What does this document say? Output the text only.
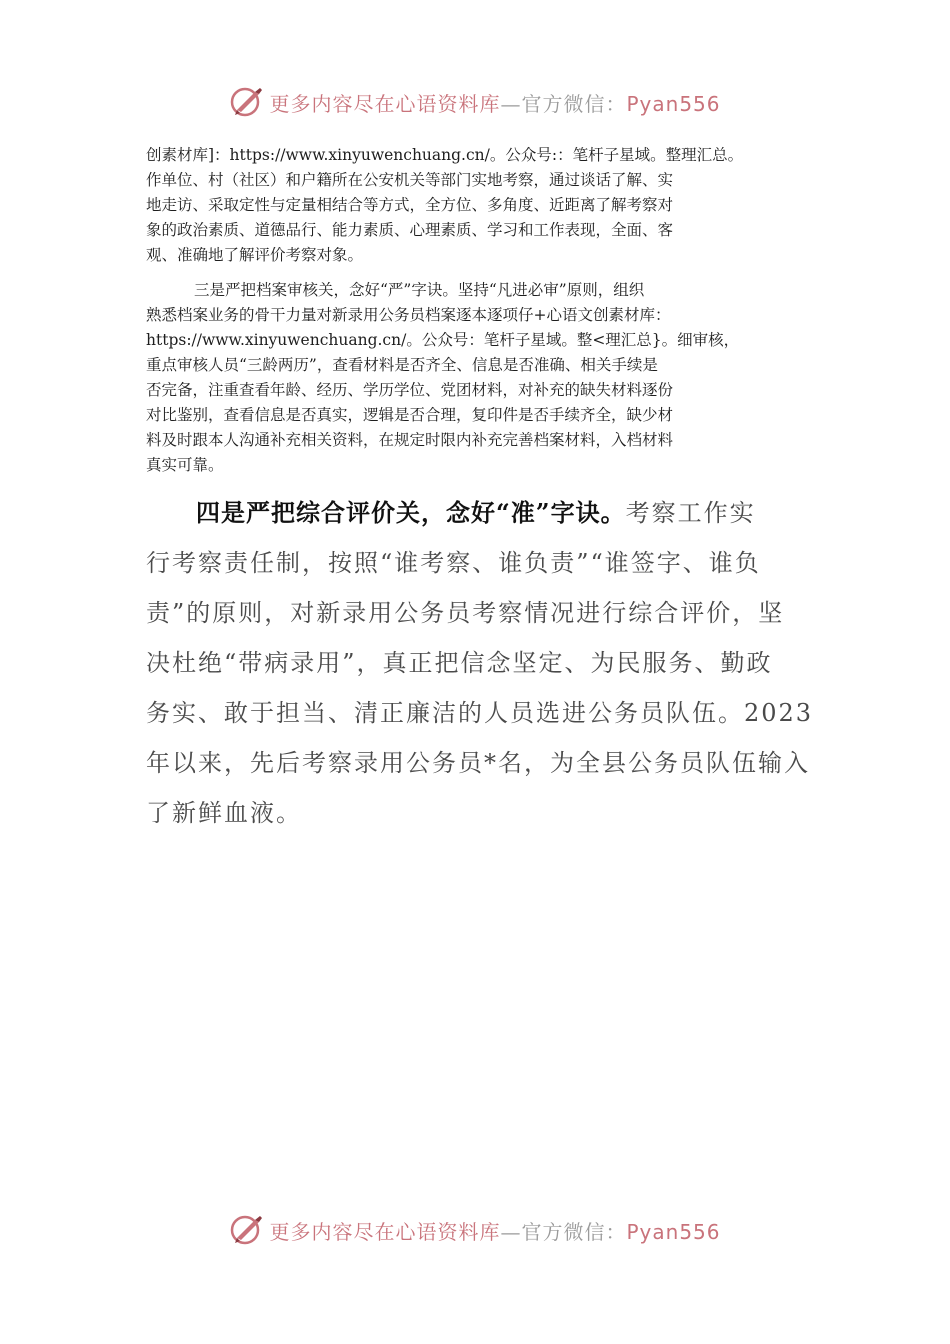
更多内容尽在心语资料库—官方微信：Pyan556
创素材库]：https://www.xinyuwenchuang.cn/。公众号:：笔杆子星域。整理汇总。
作单位、村（社区）和户籍所在公安机关等部门实地考察，通过谈话了解、实
地走访、采取定性与定量相结合等方式，全方位、多角度、近距离了解考察对
象的政治素质、道德品行、能力素质、心理素质、学习和工作表现，全面、客
观、准确地了解评价考察对象。
三是严把档案审核关，念好“严”字诀。坚持“凡进必审”原则，组织
熟悉档案业务的骨干力量对新录用公务员档案逐本逐项仔+心语文创素材库：
https://www.xinyuwenchuang.cn/。公众号：笔杆子星域。整<理汇总}。细审核，
重点审核人员“三龄两历”，查看材料是否齐全、信息是否准确、相关手续是
否完备，注重查看年龄、经历、学历学位、党团材料，对补充的缺失材料逐份
对比鉴别，查看信息是否真实，逻辑是否合理，复印件是否手续齐全，缺少材
料及时跟本人沟通补充相关资料，在规定时限内补充完善档案材料，入档材料
真实可靠。
四是严把综合评价关，念好“准”字诀。考察工作实
行考察责任制，按照“谁考察、谁负责”“谁签字、谁负
责”的原则，对新录用公务员考察情况进行综合评价，坚
决杜绝“带病录用”，真正把信念坚定、为民服务、勤政
务实、敢于担当、清正廉洁的人员选进公务员队伍。2023
年以来，先后考察录用公务员*名，为全县公务员队伍输入
了新鲜血液。
更多内容尽在心语资料库—官方微信：Pyan556
